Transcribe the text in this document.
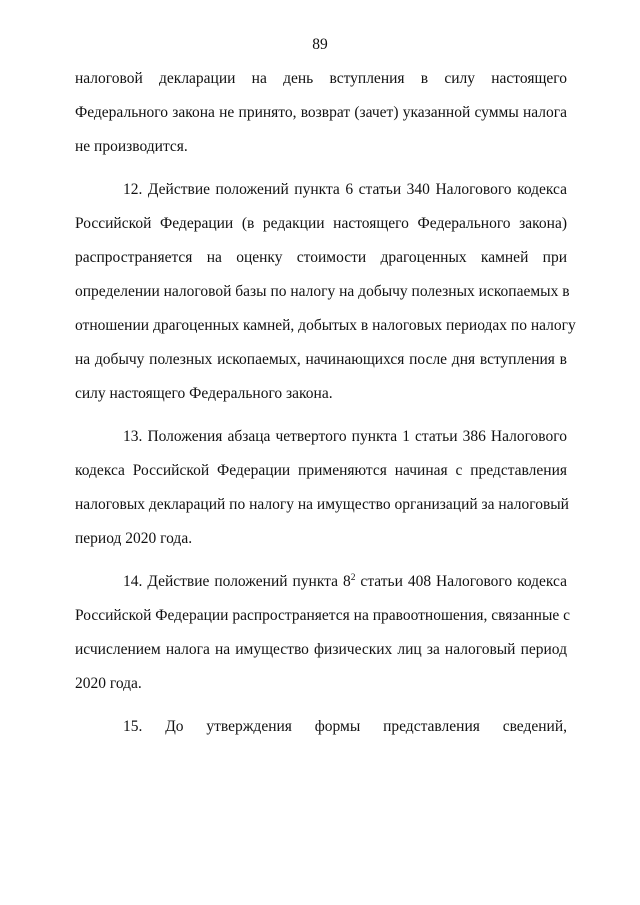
89
налоговой декларации на день вступления в силу настоящего
Федерального закона не принято, возврат (зачет) указанной суммы налога
не производится.
12. Действие положений пункта 6 статьи 340 Налогового кодекса
Российской Федерации (в редакции настоящего Федерального закона)
распространяется на оценку стоимости драгоценных камней при
определении налоговой базы по налогу на добычу полезных ископаемых в
отношении драгоценных камней, добытых в налоговых периодах по налогу
на добычу полезных ископаемых, начинающихся после дня вступления в
силу настоящего Федерального закона.
13. Положения абзаца четвертого пункта 1 статьи 386 Налогового
кодекса Российской Федерации применяются начиная с представления
налоговых деклараций по налогу на имущество организаций за налоговый
период 2020 года.
14. Действие положений пункта $8^2$ статьи 408 Налогового кодекса
Российской Федерации распространяется на правоотношения, связанные с
исчислением налога на имущество физических лиц за налоговый период
2020 года.
15. До утверждения формы представления сведений,
